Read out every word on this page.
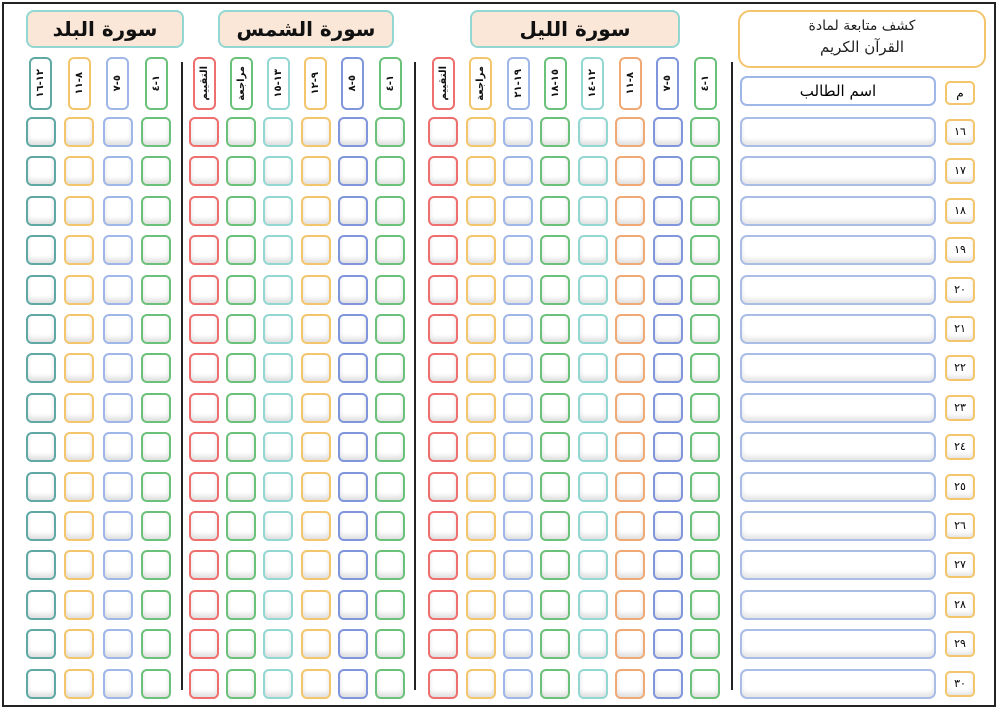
كشف متابعة لمادة
القرآن الكريم
م
اسم الطالب
سورة الليل
١-٤
٥-٧
٨-١١
١٢-١٤
١٥-١٨
١٩-٢١
مراجعة
التقييم
سورة الشمس
١-٤
٥-٨
٩-١٢
١٣-١٥
مراجعة
التقييم
سورة البلد
١-٤
٥-٧
٨-١١
١٢-١٦
١٦
١٧
١٨
١٩
٢٠
٢١
٢٢
٢٣
٢٤
٢٥
٢٦
٢٧
٢٨
٢٩
٣٠
